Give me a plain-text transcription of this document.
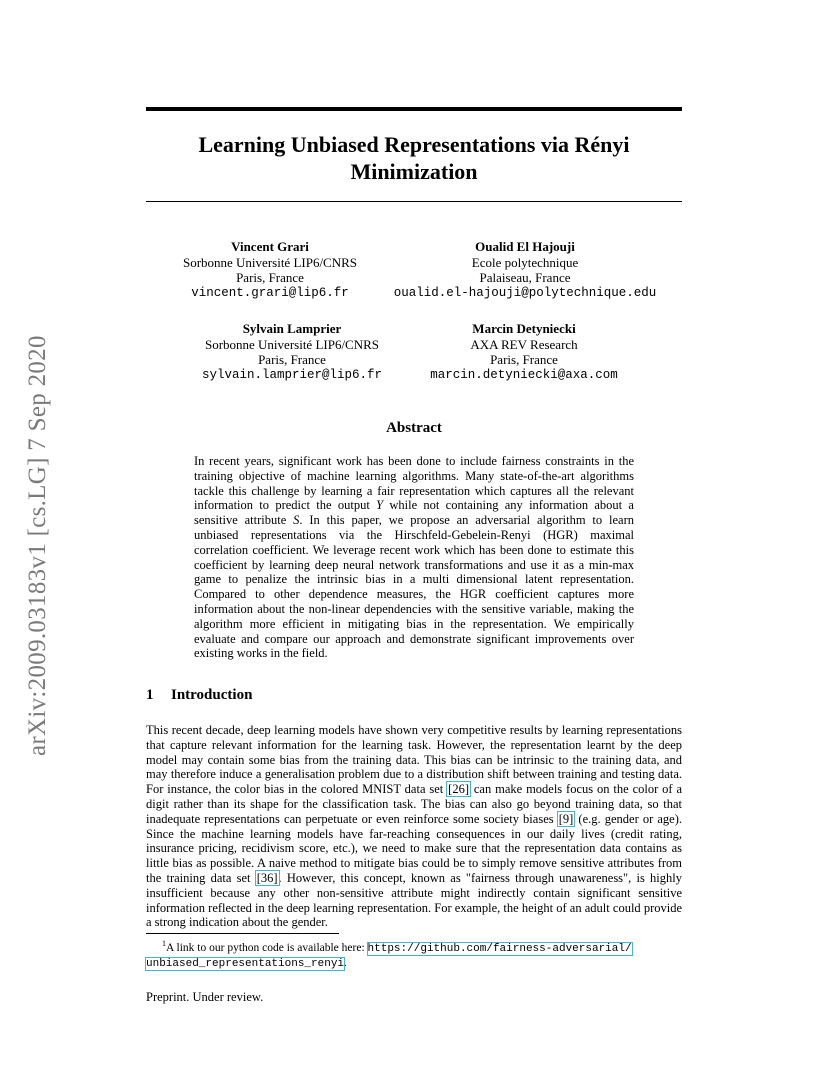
arXiv:2009.03183v1 [cs.LG] 7 Sep 2020
Learning Unbiased Representations via Rényi Minimization
Vincent Grari
Sorbonne Université LIP6/CNRS
Paris, France
vincent.grari@lip6.fr
Oualid El Hajouji
Ecole polytechnique
Palaiseau, France
oualid.el-hajouji@polytechnique.edu
Sylvain Lamprier
Sorbonne Université LIP6/CNRS
Paris, France
sylvain.lamprier@lip6.fr
Marcin Detyniecki
AXA REV Research
Paris, France
marcin.detyniecki@axa.com
Abstract
In recent years, significant work has been done to include fairness constraints in the training objective of machine learning algorithms. Many state-of-the-art algorithms tackle this challenge by learning a fair representation which captures all the relevant information to predict the output Y while not containing any information about a sensitive attribute S. In this paper, we propose an adversarial algorithm to learn unbiased representations via the Hirschfeld-Gebelein-Renyi (HGR) maximal correlation coefficient. We leverage recent work which has been done to estimate this coefficient by learning deep neural network transformations and use it as a min-max game to penalize the intrinsic bias in a multi dimensional latent representation. Compared to other dependence measures, the HGR coefficient captures more information about the non-linear dependencies with the sensitive variable, making the algorithm more efficient in mitigating bias in the representation. We empirically evaluate and compare our approach and demonstrate significant improvements over existing works in the field.
1 Introduction
This recent decade, deep learning models have shown very competitive results by learning representations that capture relevant information for the learning task. However, the representation learnt by the deep model may contain some bias from the training data. This bias can be intrinsic to the training data, and may therefore induce a generalisation problem due to a distribution shift between training and testing data. For instance, the color bias in the colored MNIST data set [26] can make models focus on the color of a digit rather than its shape for the classification task. The bias can also go beyond training data, so that inadequate representations can perpetuate or even reinforce some society biases [9] (e.g. gender or age). Since the machine learning models have far-reaching consequences in our daily lives (credit rating, insurance pricing, recidivism score, etc.), we need to make sure that the representation data contains as little bias as possible. A naive method to mitigate bias could be to simply remove sensitive attributes from the training data set [36]. However, this concept, known as "fairness through unawareness", is highly insufficient because any other non-sensitive attribute might indirectly contain significant sensitive information reflected in the deep learning representation. For example, the height of an adult could provide a strong indication about the gender.
$^1$A link to our python code is available here: https://github.com/fairness-adversarial/
unbiased_representations_renyi.
Preprint. Under review.
